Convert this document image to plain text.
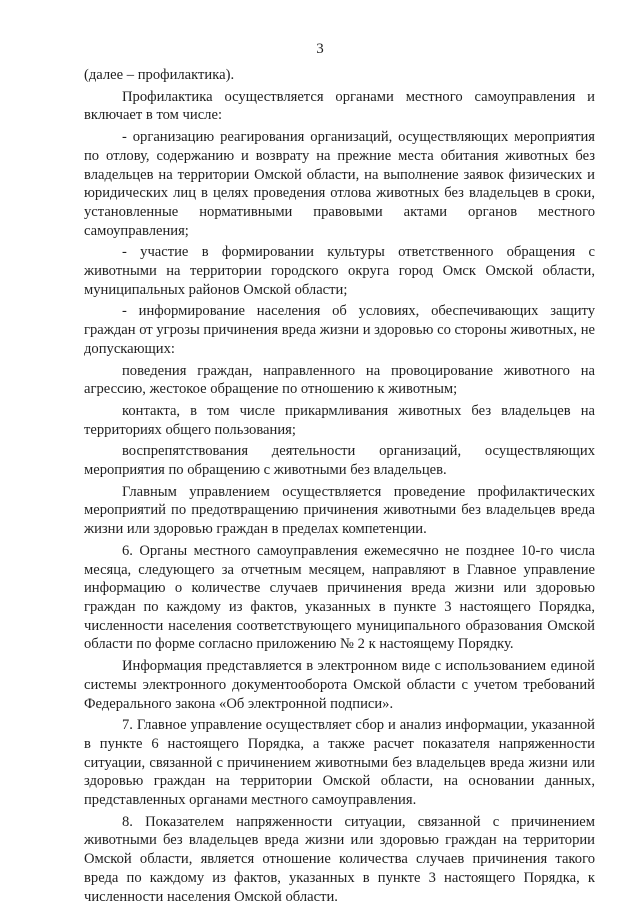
3

(далее – профилактика).

Профилактика осуществляется органами местного самоуправления и включает в том числе:

- организацию реагирования организаций, осуществляющих мероприятия по отлову, содержанию и возврату на прежние места обитания животных без владельцев на территории Омской области, на выполнение заявок физических и юридических лиц в целях проведения отлова животных без владельцев в сроки, установленные нормативными правовыми актами органов местного самоуправления;

- участие в формировании культуры ответственного обращения с животными на территории городского округа город Омск Омской области, муниципальных районов Омской области;

- информирование населения об условиях, обеспечивающих защиту граждан от угрозы причинения вреда жизни и здоровью со стороны животных, не допускающих:

поведения граждан, направленного на провоцирование животного на агрессию, жестокое обращение по отношению к животным;

контакта, в том числе прикармливания животных без владельцев на территориях общего пользования;

воспрепятствования деятельности организаций, осуществляющих мероприятия по обращению с животными без владельцев.

Главным управлением осуществляется проведение профилактических мероприятий по предотвращению причинения животными без владельцев вреда жизни или здоровью граждан в пределах компетенции.

6. Органы местного самоуправления ежемесячно не позднее 10-го числа месяца, следующего за отчетным месяцем, направляют в Главное управление информацию о количестве случаев причинения вреда жизни или здоровью граждан по каждому из фактов, указанных в пункте 3 настоящего Порядка, численности населения соответствующего муниципального образования Омской области по форме согласно приложению № 2 к настоящему Порядку.

Информация представляется в электронном виде с использованием единой системы электронного документооборота Омской области с учетом требований Федерального закона «Об электронной подписи».

7. Главное управление осуществляет сбор и анализ информации, указанной в пункте 6 настоящего Порядка, а также расчет показателя напряженности ситуации, связанной с причинением животными без владельцев вреда жизни или здоровью граждан на территории Омской области, на основании данных, представленных органами местного самоуправления.

8. Показателем напряженности ситуации, связанной с причинением животными без владельцев вреда жизни или здоровью граждан на территории Омской области, является отношение количества случаев причинения такого вреда по каждому из фактов, указанных в пункте 3 настоящего Порядка, к численности населения Омской области.
